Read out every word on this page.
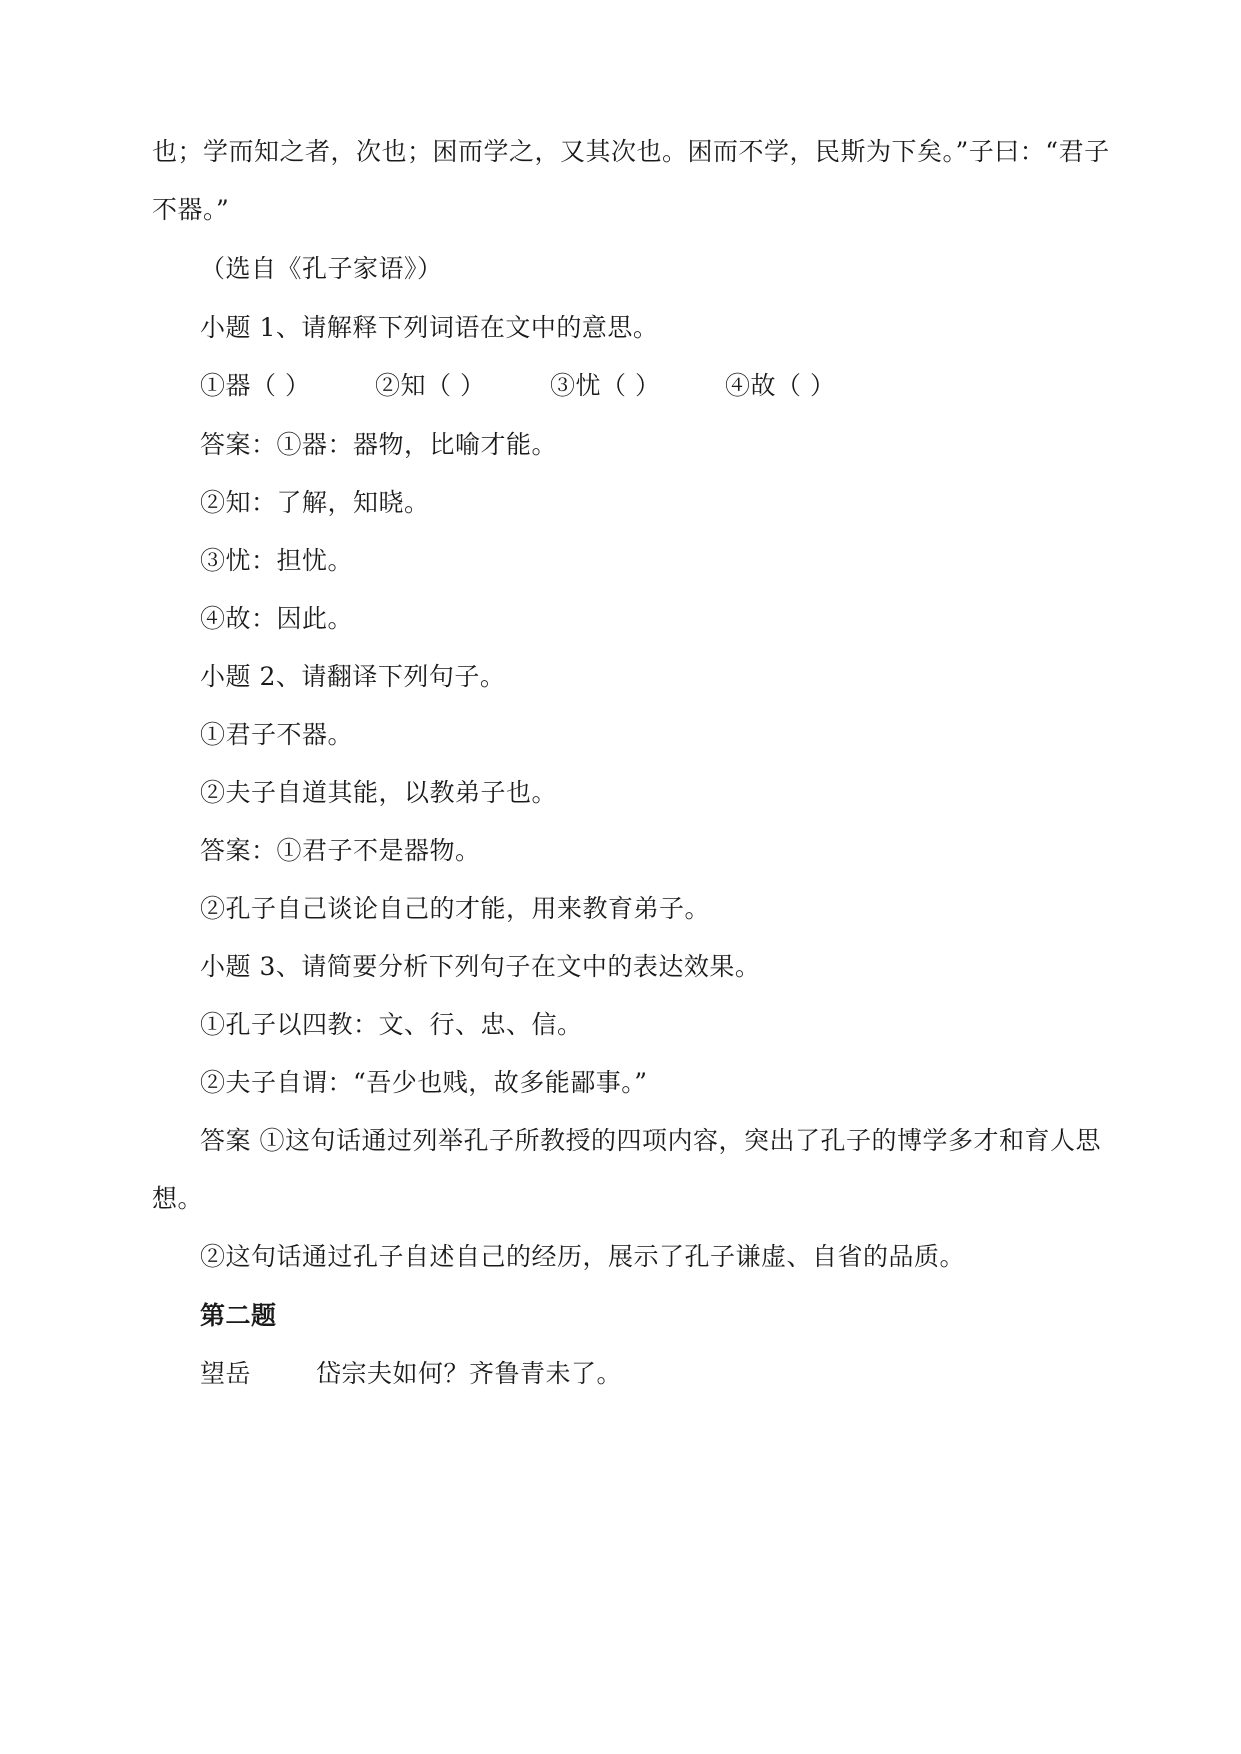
也；学而知之者，次也；困而学之，又其次也。困而不学，民斯为下矣。”子曰：“君子
不器。”
（选自《孔子家语》）
小题 1、请解释下列词语在文中的意思。
①器（ ）	②知（ ）	③忧（ ）	④故（ ）
答案：①器：器物，比喻才能。
②知：了解，知晓。
③忧：担忧。
④故：因此。
小题 2、请翻译下列句子。
①君子不器。
②夫子自道其能，以教弟子也。
答案：①君子不是器物。
②孔子自己谈论自己的才能，用来教育弟子。
小题 3、请简要分析下列句子在文中的表达效果。
①孔子以四教：文、行、忠、信。
②夫子自谓：“吾少也贱，故多能鄙事。”
答案 ①这句话通过列举孔子所教授的四项内容，突出了孔子的博学多才和育人思
想。
②这句话通过孔子自述自己的经历，展示了孔子谦虚、自省的品质。
第二题
望岳	岱宗夫如何？齐鲁青未了。
